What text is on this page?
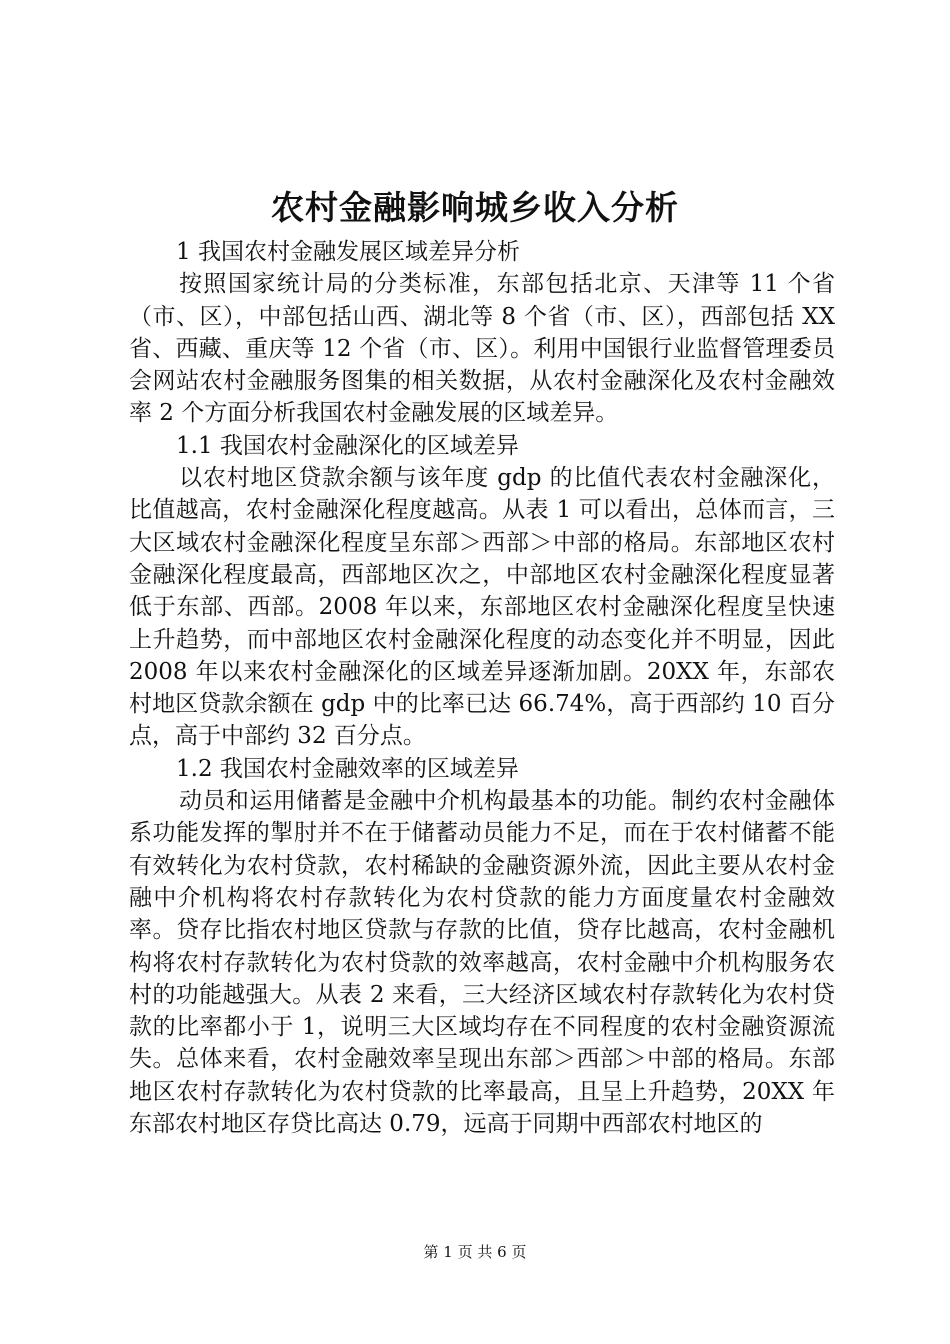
农村金融影响城乡收入分析

1 我国农村金融发展区域差异分析

按照国家统计局的分类标准，东部包括北京、天津等 11 个省（市、区），中部包括山西、湖北等 8 个省（市、区），西部包括 XX 省、西藏、重庆等 12 个省（市、区）。利用中国银行业监督管理委员会网站农村金融服务图集的相关数据，从农村金融深化及农村金融效率 2 个方面分析我国农村金融发展的区域差异。

1.1 我国农村金融深化的区域差异

以农村地区贷款余额与该年度 gdp 的比值代表农村金融深化，比值越高，农村金融深化程度越高。从表 1 可以看出，总体而言，三大区域农村金融深化程度呈东部＞西部＞中部的格局。东部地区农村金融深化程度最高，西部地区次之，中部地区农村金融深化程度显著低于东部、西部。2008 年以来，东部地区农村金融深化程度呈快速上升趋势，而中部地区农村金融深化程度的动态变化并不明显，因此 2008 年以来农村金融深化的区域差异逐渐加剧。20XX 年，东部农村地区贷款余额在 gdp 中的比率已达 66.74%，高于西部约 10 百分点，高于中部约 32 百分点。

1.2 我国农村金融效率的区域差异

动员和运用储蓄是金融中介机构最基本的功能。制约农村金融体系功能发挥的掣肘并不在于储蓄动员能力不足，而在于农村储蓄不能有效转化为农村贷款，农村稀缺的金融资源外流，因此主要从农村金融中介机构将农村存款转化为农村贷款的能力方面度量农村金融效率。贷存比指农村地区贷款与存款的比值，贷存比越高，农村金融机构将农村存款转化为农村贷款的效率越高，农村金融中介机构服务农村的功能越强大。从表 2 来看，三大经济区域农村存款转化为农村贷款的比率都小于 1，说明三大区域均存在不同程度的农村金融资源流失。总体来看，农村金融效率呈现出东部＞西部＞中部的格局。东部地区农村存款转化为农村贷款的比率最高，且呈上升趋势，20XX 年东部农村地区存贷比高达 0.79，远高于同期中西部农村地区的

第 1 页 共 6 页
